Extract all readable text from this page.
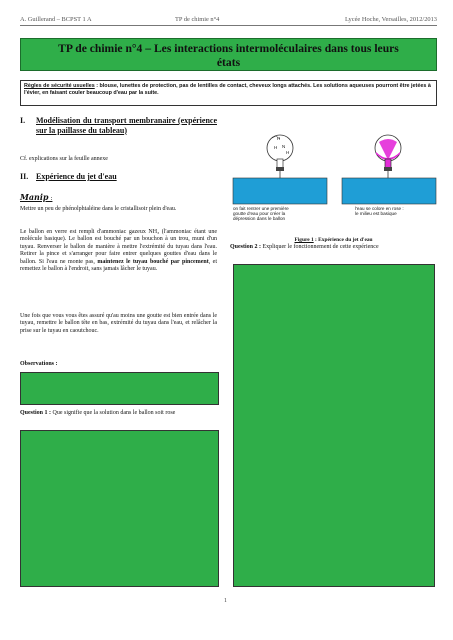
A. Guillerand – BCPST 1 A	TP de chimie n°4	Lycée Hoche, Versailles, 2012/2013
TP de chimie n°4 – Les interactions intermoléculaires dans tous leurs
états
Règles de sécurité usuelles : blouse, lunettes de protection, pas de lentilles de contact, cheveux longs attachés. Les solutions aqueuses pourront être jetées à l'évier, en faisant couler beaucoup d'eau par la suite.
I. Modélisation du transport membranaire (expérience sur la paillasse du tableau)
Cf. explications sur la feuille annexe
II. Expérience du jet d'eau
Manip :
Mettre un peu de phénolphtaléine dans le cristallisoir plein d'eau.
Le ballon en verre est rempli d'ammoniac gazeux NH₃ (l'ammoniac étant une molécule basique). Le ballon est bouché par un bouchon à un trou, muni d'un tuyau. Renverser le ballon de manière à mettre l'extrémité du tuyau dans l'eau. Retirer la pince et s'arranger pour faire entrer quelques gouttes d'eau dans le ballon. Si l'eau ne monte pas, maintenez le tuyau bouché par pincement, et remettez le ballon à l'endroit, sans jamais lâcher le tuyau.
Une fois que vous vous êtes assuré qu'au moins une goutte est bien entrée dans le tuyau, remettre le ballon tête en bas, extrémité du tuyau dans l'eau, et relâcher la prise sur le tuyau en caoutchouc.
Observations :
Question 1 : Que signifie que la solution dans le ballon soit rose
H
N
H
H
on fait rentrer une première
goutte d'eau pour créer la
dépression dans le ballon
l'eau se colore en rose :
le milieu est basique
Figure 1 : Expérience du jet d'eau
Question 2 : Expliquer le fonctionnement de cette expérience
1
